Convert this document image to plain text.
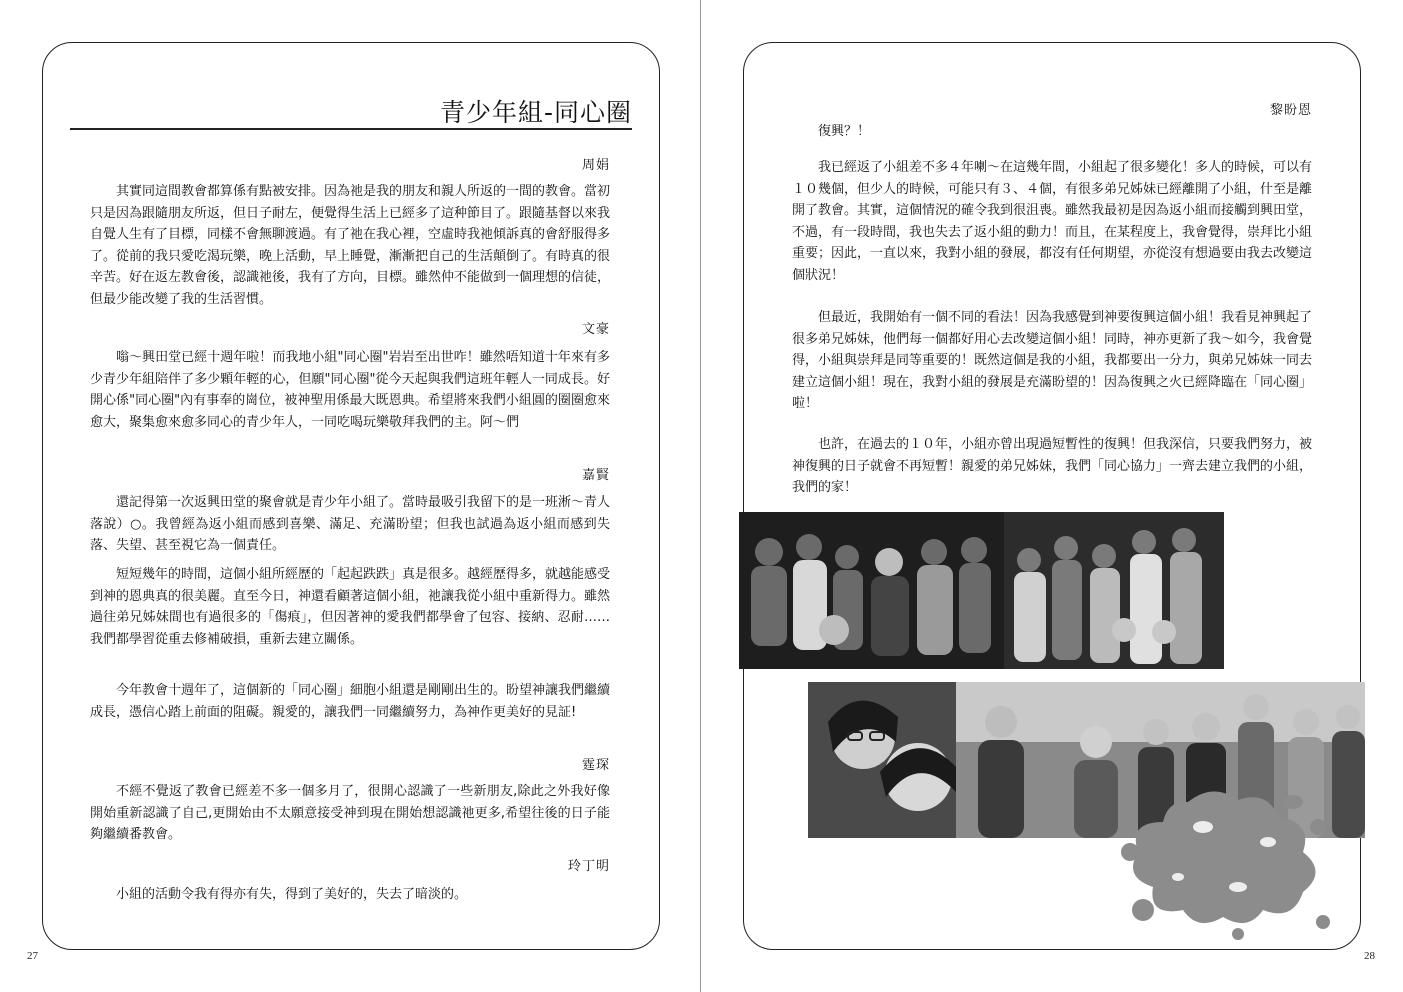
27
青少年組-同心圈
周娟

其實同這間教會都算係有點被安排。因為祂是我的朋友和親人所返的一間的教會。當初只是因為跟隨朋友所返，但日子耐左，便覺得生活上已經多了這种節目了。跟隨基督以來我自覺人生有了目標，同樣不會無聊渡過。有了祂在我心裡，空虛時我祂傾訴真的會舒服得多了。從前的我只愛吃渴玩樂，晚上活動，早上睡覺，漸漸把自己的生活顛倒了。有時真的很辛苦。好在返左教會後，認識祂後，我有了方向，目標。雖然仲不能做到一個理想的信徒，但最少能改變了我的生活習慣。

文豪

嗡～興田堂已經十週年啦！而我地小組"同心圈"岩岩至出世咋！雖然唔知道十年來有多少青少年組陪伴了多少顆年輕的心，但願"同心圈"從今天起與我們這班年輕人一同成長。好開心係"同心圈"內有事奉的崗位，被神聖用係最大既恩典。希望將來我們小組圓的圈圈愈來愈大，聚集愈來愈多同心的青少年人，一同吃喝玩樂敬拜我們的主。阿～們

嘉賢

還記得第一次返興田堂的聚會就是青少年小組了。當時最吸引我留下的是一班淅～青人落說）○。我曾經為返小組而感到喜樂、滿足、充滿盼望；但我也試過為返小組而感到失落、失望、甚至視它為一個責任。

短短幾年的時間，這個小組所經歷的「起起跌跌」真是很多。越經歷得多，就越能感受到神的恩典真的很美麗。直至今日，神還看顧著這個小組，祂讓我從小組中重新得力。雖然過往弟兄姊妹間也有過很多的「傷痕」，但因著神的愛我們都學會了包容、接納、忍耐……我們都學習從重去修補破損，重新去建立關係。

今年教會十週年了，這個新的「同心圈」細胞小組還是剛剛出生的。盼望神讓我們繼續成長，憑信心踏上前面的阻礙。親愛的，讓我們一同繼續努力，為神作更美好的見証!

霆琛

不經不覺返了教會已經差不多一個多月了，很開心認識了一些新朋友,除此之外我好像開始重新認識了自己,更開始由不太願意接受神到現在開始想認識祂更多,希望往後的日子能夠繼續番教會。

玲丁明

小組的活動令我有得亦有失，得到了美好的，失去了暗淡的。

28
黎盼恩

復興？！

我已經返了小組差不多４年喇～在這幾年間，小組起了很多變化！多人的時候，可以有１０幾個，但少人的時候，可能只有３、４個，有很多弟兄姊妹已經離開了小組，什至是離開了教會。其實，這個情況的確令我到很沮喪。雖然我最初是因為返小組而接觸到興田堂，不過，有一段時間，我也失去了返小組的動力！而且，在某程度上，我會覺得，崇拜比小組重要；因此，一直以來，我對小組的發展，都沒有任何期望，亦從沒有想過要由我去改變這個狀況！

但最近，我開始有一個不同的看法！因為我感覺到神要復興這個小組！我看見神興起了很多弟兄姊妹，他們每一個都好用心去改變這個小組！同時，神亦更新了我～如今，我會覺得，小組與崇拜是同等重要的！既然這個是我的小組，我都要出一分力，與弟兄姊妹一同去建立這個小組！現在，我對小組的發展是充滿盼望的！因為復興之火已經降臨在「同心圈」啦！

也許，在過去的１０年，小組亦曾出現過短暫性的復興！但我深信，只要我們努力，被神復興的日子就會不再短暫！親愛的弟兄姊妹，我們「同心協力」一齊去建立我們的小組，我們的家！
